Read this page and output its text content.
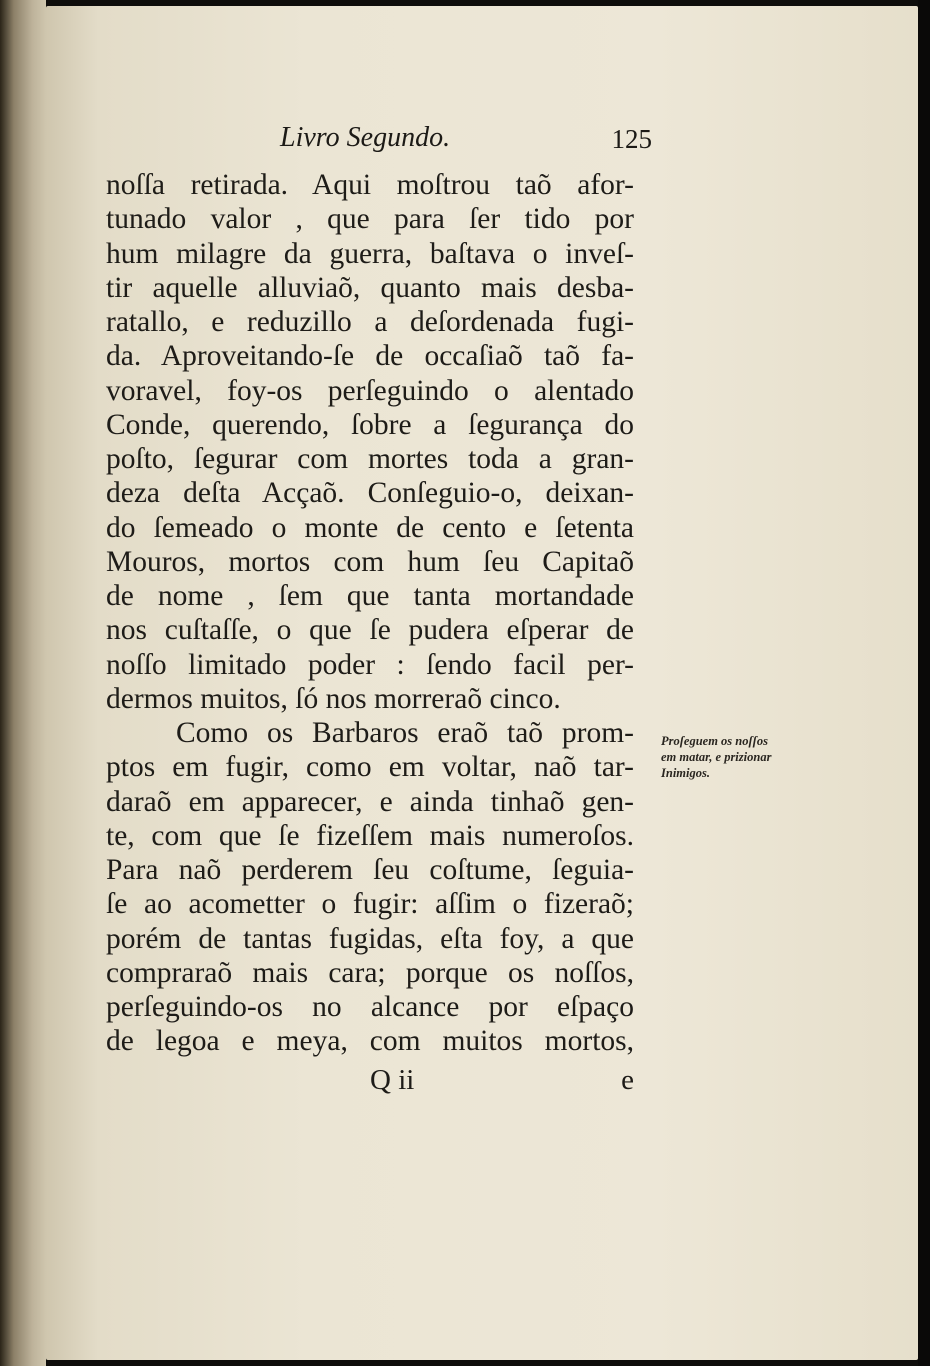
Livro Segundo.	125
noſſa retirada. Aqui moſtrou taõ afor-
tunado valor , que para ſer tido por
hum milagre da guerra, baſtava o inveſ-
tir aquelle alluviaõ, quanto mais desba-
ratallo, e reduzillo a deſordenada fugi-
da. Aproveitando-ſe de occaſiaõ taõ fa-
voravel, foy-os perſeguindo o alentado
Conde, querendo, ſobre a ſegurança do
poſto, ſegurar com mortes toda a gran-
deza deſta Acçaõ. Conſeguio-o, deixan-
do ſemeado o monte de cento e ſetenta
Mouros, mortos com hum ſeu Capitaõ
de nome , ſem que tanta mortandade
nos cuſtaſſe, o que ſe pudera eſperar de
noſſo limitado poder : ſendo facil per-
dermos muitos, ſó nos morreraõ cinco.
Como os Barbaros eraõ taõ prom-
ptos em fugir, como em voltar, naõ tar-
daraõ em apparecer, e ainda tinhaõ gen-
te, com que ſe fizeſſem mais numeroſos.
Para naõ perderem ſeu coſtume, ſeguia-
ſe ao acometter o fugir: aſſim o fizeraõ;
porém de tantas fugidas, eſta foy, a que
compraraõ mais cara; porque os noſſos,
perſeguindo-os no alcance por eſpaço
de legoa e meya, com muitos mortos,
Proſeguem os noſſos
em matar, e prizionar
Inimigos.
Q ii	e
